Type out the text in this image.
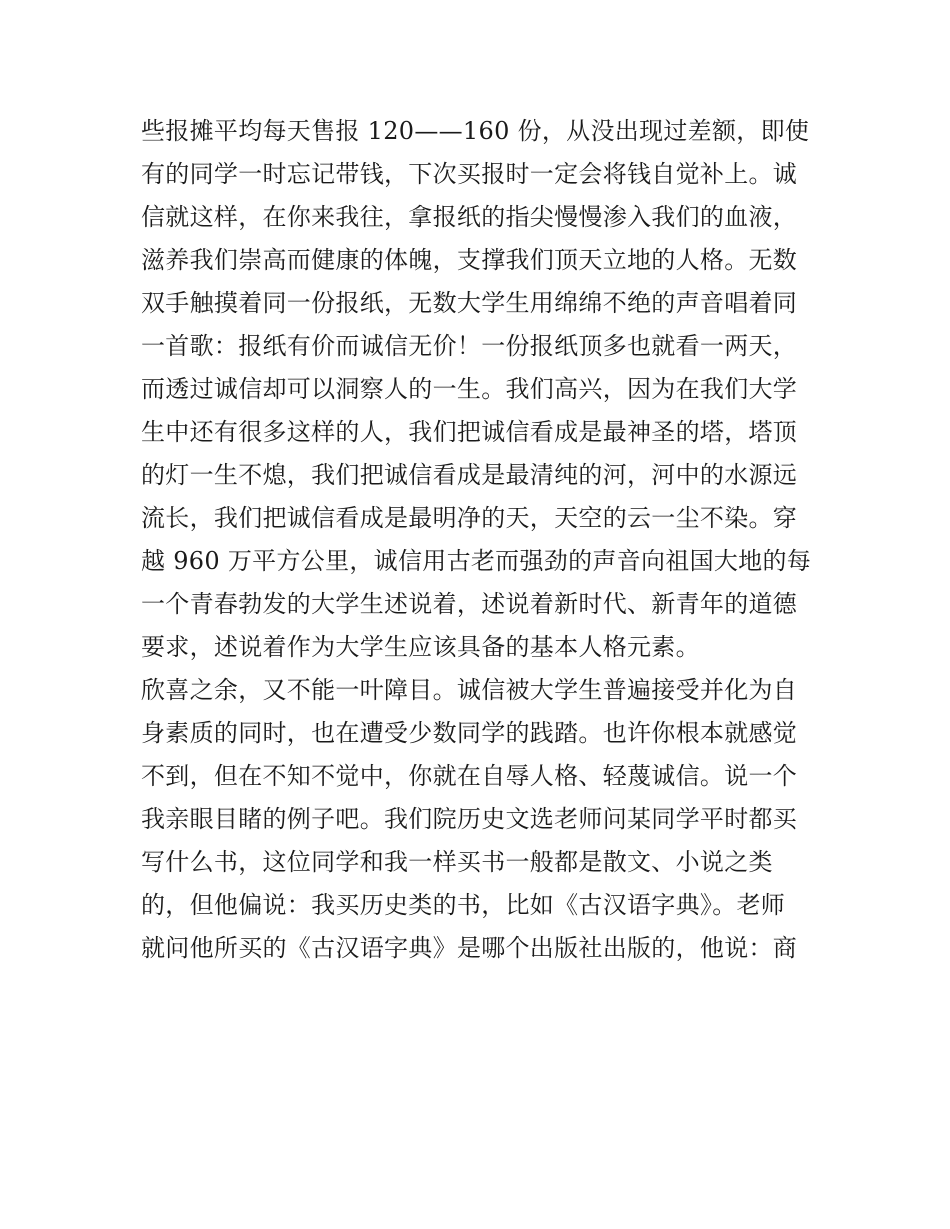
些报摊平均每天售报 120——160 份，从没出现过差额，即使
有的同学一时忘记带钱，下次买报时一定会将钱自觉补上。诚
信就这样，在你来我往，拿报纸的指尖慢慢渗入我们的血液，
滋养我们崇高而健康的体魄，支撑我们顶天立地的人格。无数
双手触摸着同一份报纸，无数大学生用绵绵不绝的声音唱着同
一首歌：报纸有价而诚信无价！一份报纸顶多也就看一两天，
而透过诚信却可以洞察人的一生。我们高兴，因为在我们大学
生中还有很多这样的人，我们把诚信看成是最神圣的塔，塔顶
的灯一生不熄，我们把诚信看成是最清纯的河，河中的水源远
流长，我们把诚信看成是最明净的天，天空的云一尘不染。穿
越 960 万平方公里，诚信用古老而强劲的声音向祖国大地的每
一个青春勃发的大学生述说着，述说着新时代、新青年的道德
要求，述说着作为大学生应该具备的基本人格元素。
欣喜之余，又不能一叶障目。诚信被大学生普遍接受并化为自
身素质的同时，也在遭受少数同学的践踏。也许你根本就感觉
不到，但在不知不觉中，你就在自辱人格、轻蔑诚信。说一个
我亲眼目睹的例子吧。我们院历史文选老师问某同学平时都买
写什么书，这位同学和我一样买书一般都是散文、小说之类
的，但他偏说：我买历史类的书，比如《古汉语字典》。老师
就问他所买的《古汉语字典》是哪个出版社出版的，他说：商
